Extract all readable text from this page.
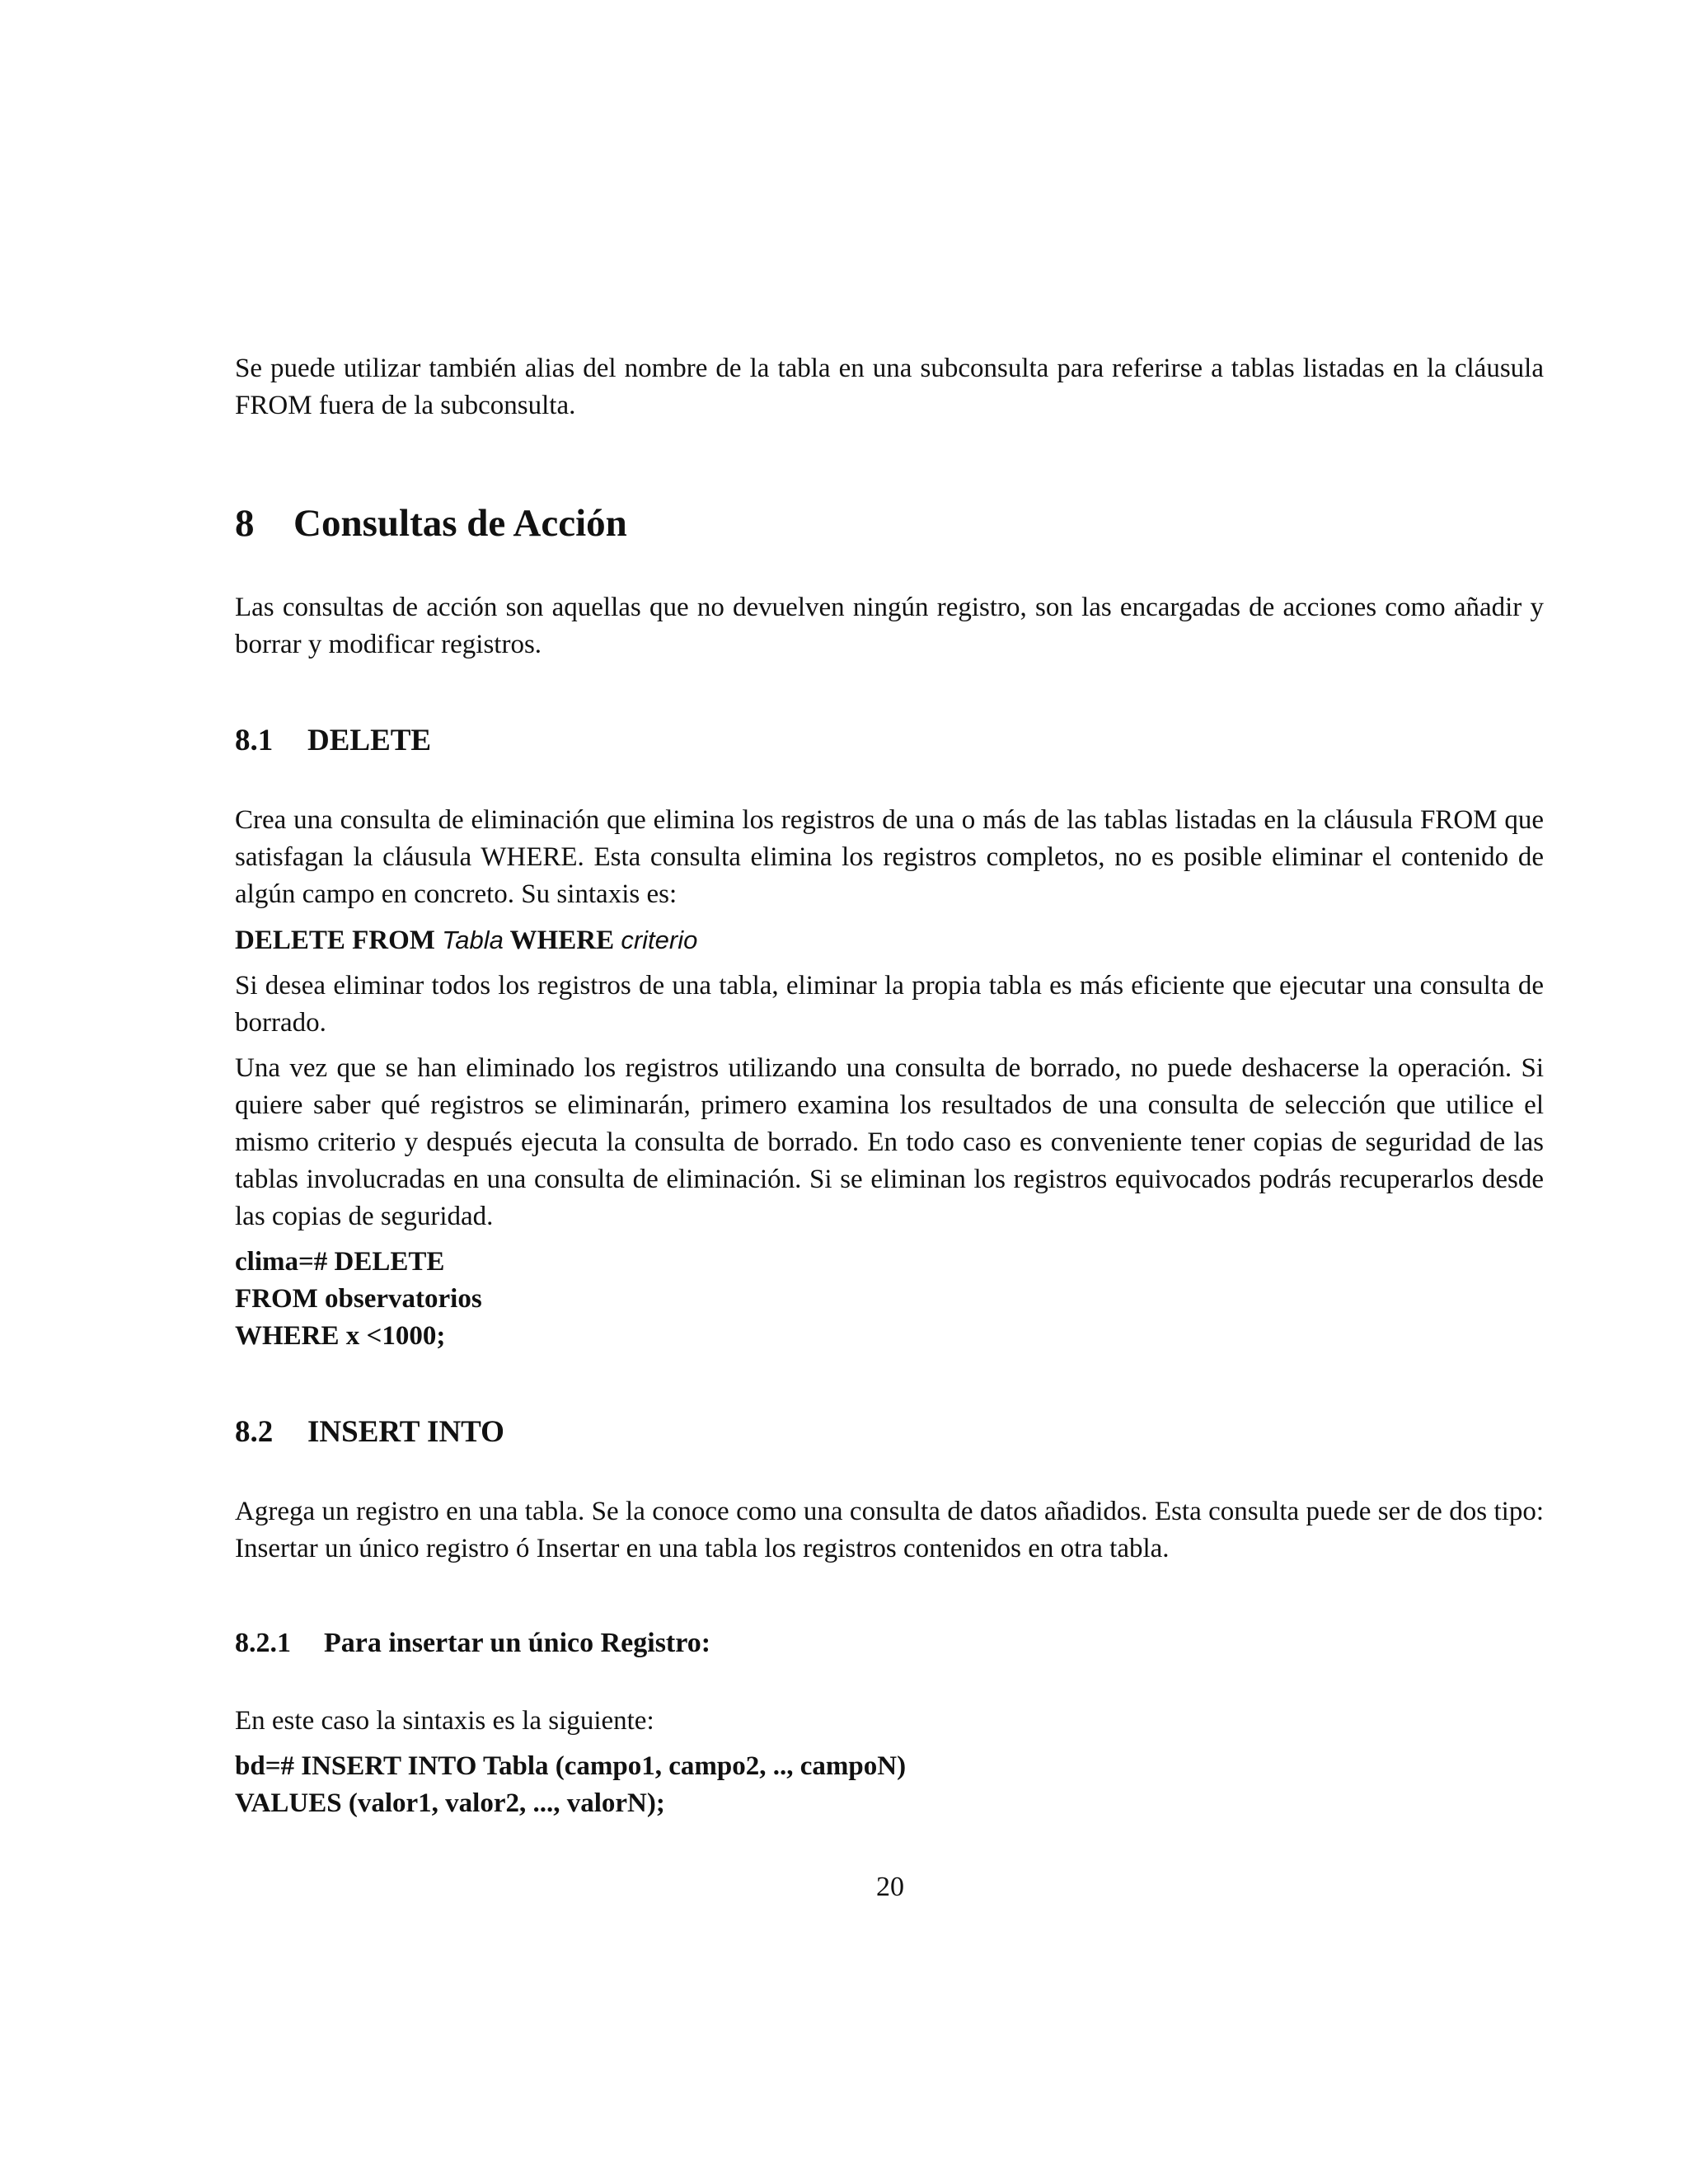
Se puede utilizar también alias del nombre de la tabla en una subconsulta para referirse a tablas listadas en la cláusula FROM fuera de la subconsulta.

8 Consultas de Acción

Las consultas de acción son aquellas que no devuelven ningún registro, son las encargadas de acciones como añadir y borrar y modificar registros.

8.1 DELETE

Crea una consulta de eliminación que elimina los registros de una o más de las tablas listadas en la cláusula FROM que satisfagan la cláusula WHERE. Esta consulta elimina los registros completos, no es posible eliminar el contenido de algún campo en concreto. Su sintaxis es:

DELETE FROM Tabla WHERE criterio

Si desea eliminar todos los registros de una tabla, eliminar la propia tabla es más eficiente que ejecutar una consulta de borrado.

Una vez que se han eliminado los registros utilizando una consulta de borrado, no puede deshacerse la operación. Si quiere saber qué registros se eliminarán, primero examina los resultados de una consulta de selección que utilice el mismo criterio y después ejecuta la consulta de borrado. En todo caso es conveniente tener copias de seguridad de las tablas involucradas en una consulta de eliminación. Si se eliminan los registros equivocados podrás recuperarlos desde las copias de seguridad.

clima=# DELETE
FROM observatorios
WHERE x <1000;
8.2 INSERT INTO

Agrega un registro en una tabla. Se la conoce como una consulta de datos añadidos. Esta consulta puede ser de dos tipo: Insertar un único registro ó Insertar en una tabla los registros contenidos en otra tabla.

8.2.1 Para insertar un único Registro:

En este caso la sintaxis es la siguiente:

bd=# INSERT INTO Tabla (campo1, campo2, .., campoN)
VALUES (valor1, valor2, ..., valorN);
20
